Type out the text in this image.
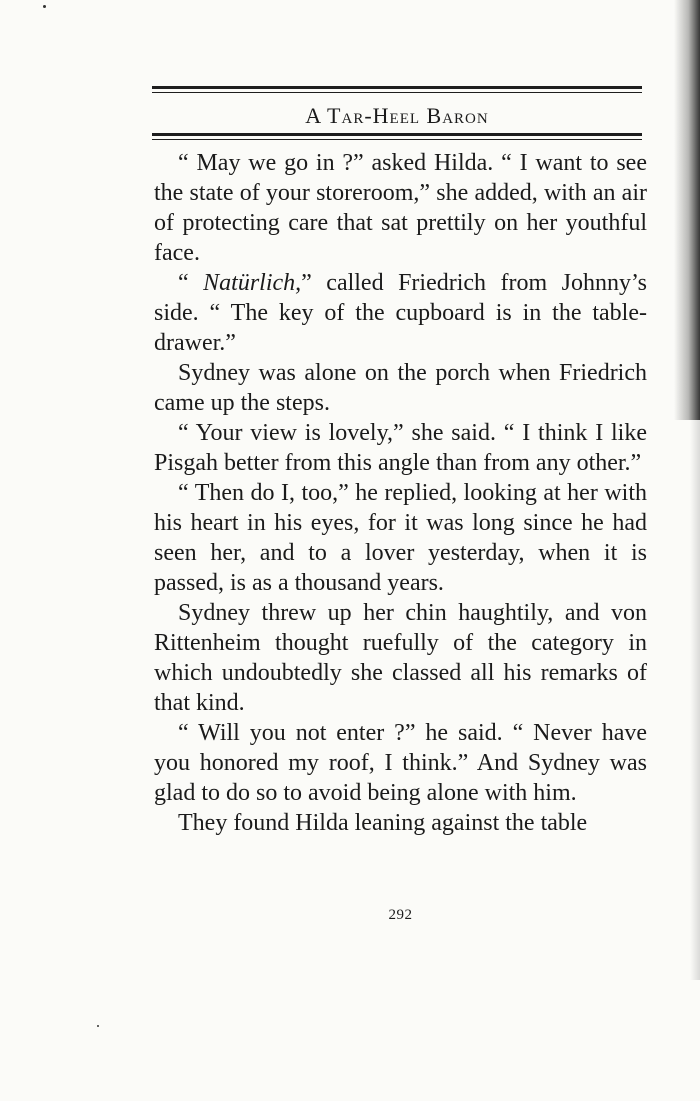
A Tar-Heel Baron

“ May we go in ?” asked Hilda. “ I want to see the state of your storeroom,” she added, with an air of protecting care that sat prettily on her youthful face.

“ Natürlich,” called Friedrich from Johnny’s side. “ The key of the cupboard is in the table-drawer.”

Sydney was alone on the porch when Friedrich came up the steps.

“ Your view is lovely,” she said. “ I think I like Pisgah better from this angle than from any other.”

“ Then do I, too,” he replied, looking at her with his heart in his eyes, for it was long since he had seen her, and to a lover yesterday, when it is passed, is as a thousand years.

Sydney threw up her chin haughtily, and von Rittenheim thought ruefully of the category in which undoubtedly she classed all his remarks of that kind.

“ Will you not enter ?” he said. “ Never have you honored my roof, I think.” And Sydney was glad to do so to avoid being alone with him.

They found Hilda leaning against the table

292
